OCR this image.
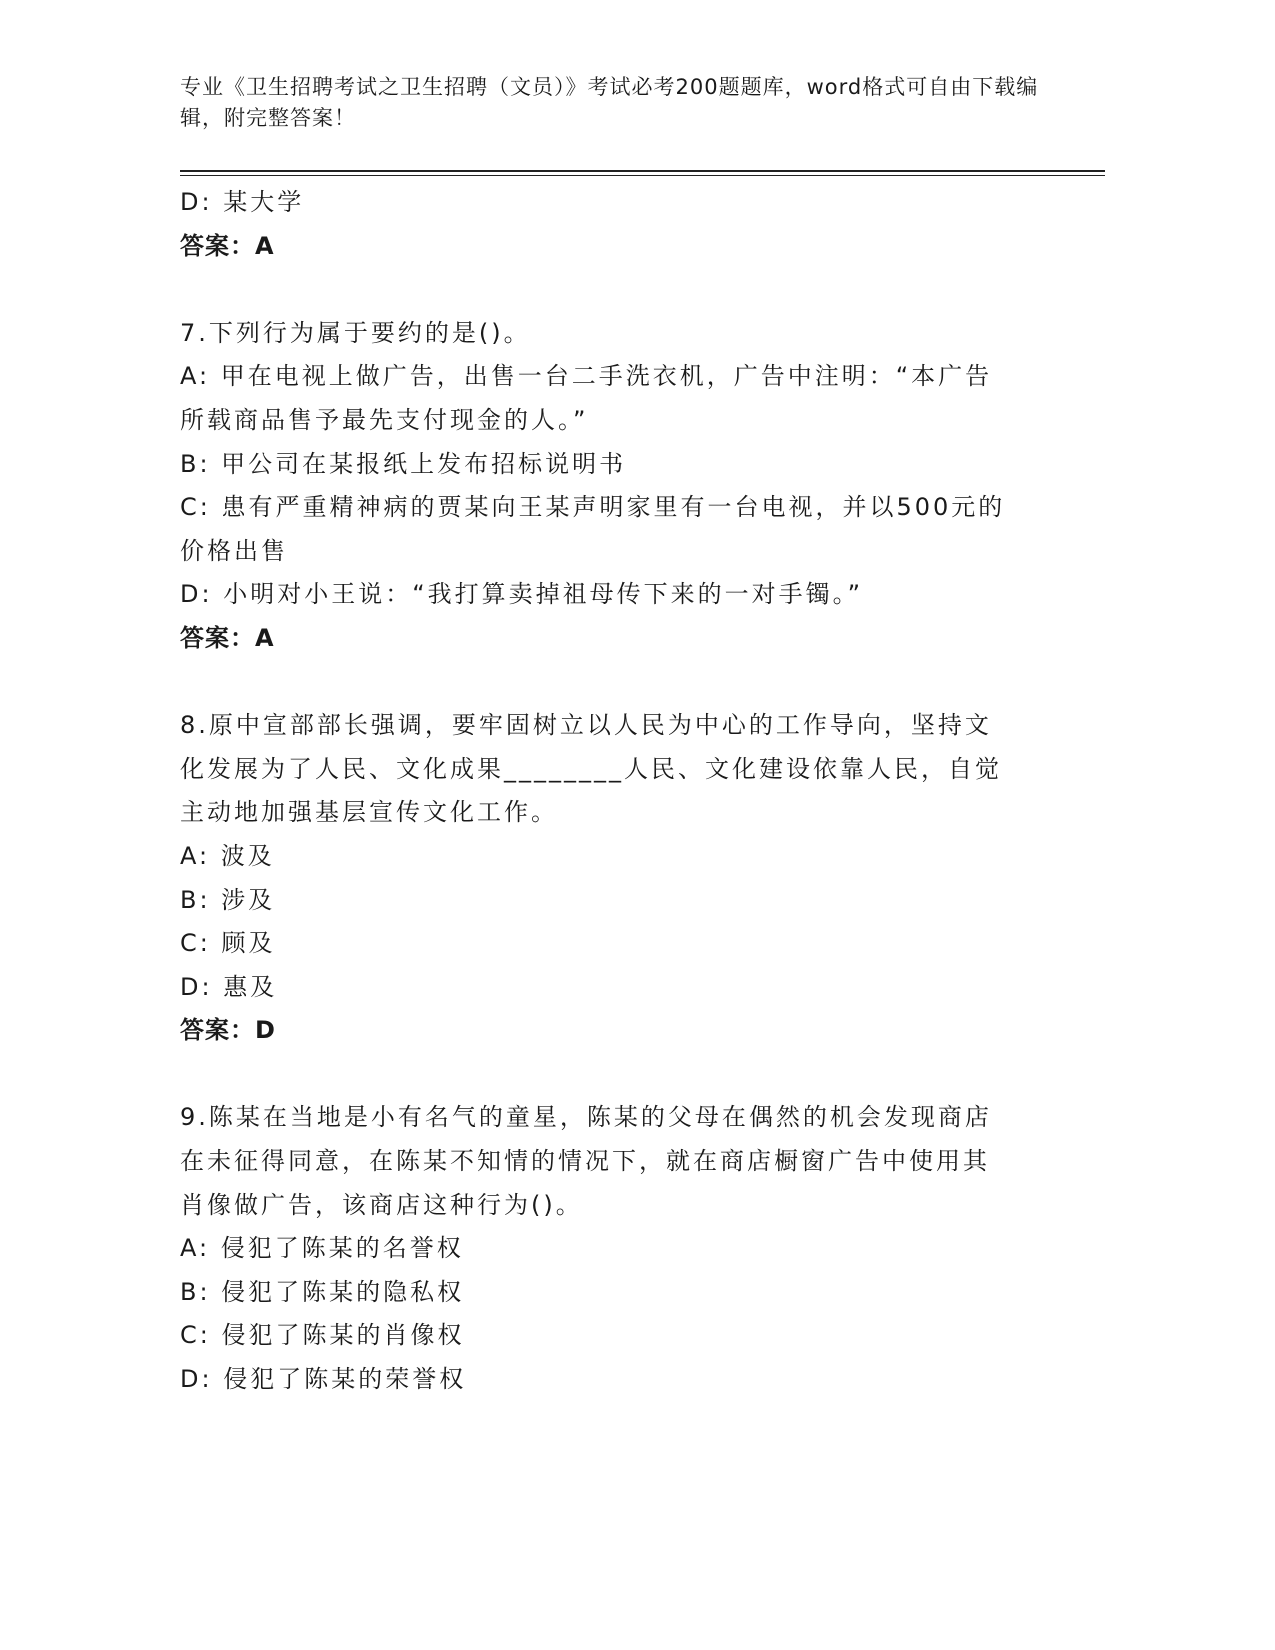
专业《卫生招聘考试之卫生招聘（文员）》考试必考200题题库，word格式可自由下载编辑，附完整答案！
D: 某大学
答案：A
7.下列行为属于要约的是()。
A: 甲在电视上做广告，出售一台二手洗衣机，广告中注明：“本广告
所载商品售予最先支付现金的人。”
B: 甲公司在某报纸上发布招标说明书
C: 患有严重精神病的贾某向王某声明家里有一台电视，并以500元的
价格出售
D: 小明对小王说：“我打算卖掉祖母传下来的一对手镯。”
答案：A
8.原中宣部部长强调，要牢固树立以人民为中心的工作导向，坚持文
化发展为了人民、文化成果________人民、文化建设依靠人民，自觉
主动地加强基层宣传文化工作。
A: 波及
B: 涉及
C: 顾及
D: 惠及
答案：D
9.陈某在当地是小有名气的童星，陈某的父母在偶然的机会发现商店
在未征得同意，在陈某不知情的情况下，就在商店橱窗广告中使用其
肖像做广告，该商店这种行为()。
A: 侵犯了陈某的名誉权
B: 侵犯了陈某的隐私权
C: 侵犯了陈某的肖像权
D: 侵犯了陈某的荣誉权
